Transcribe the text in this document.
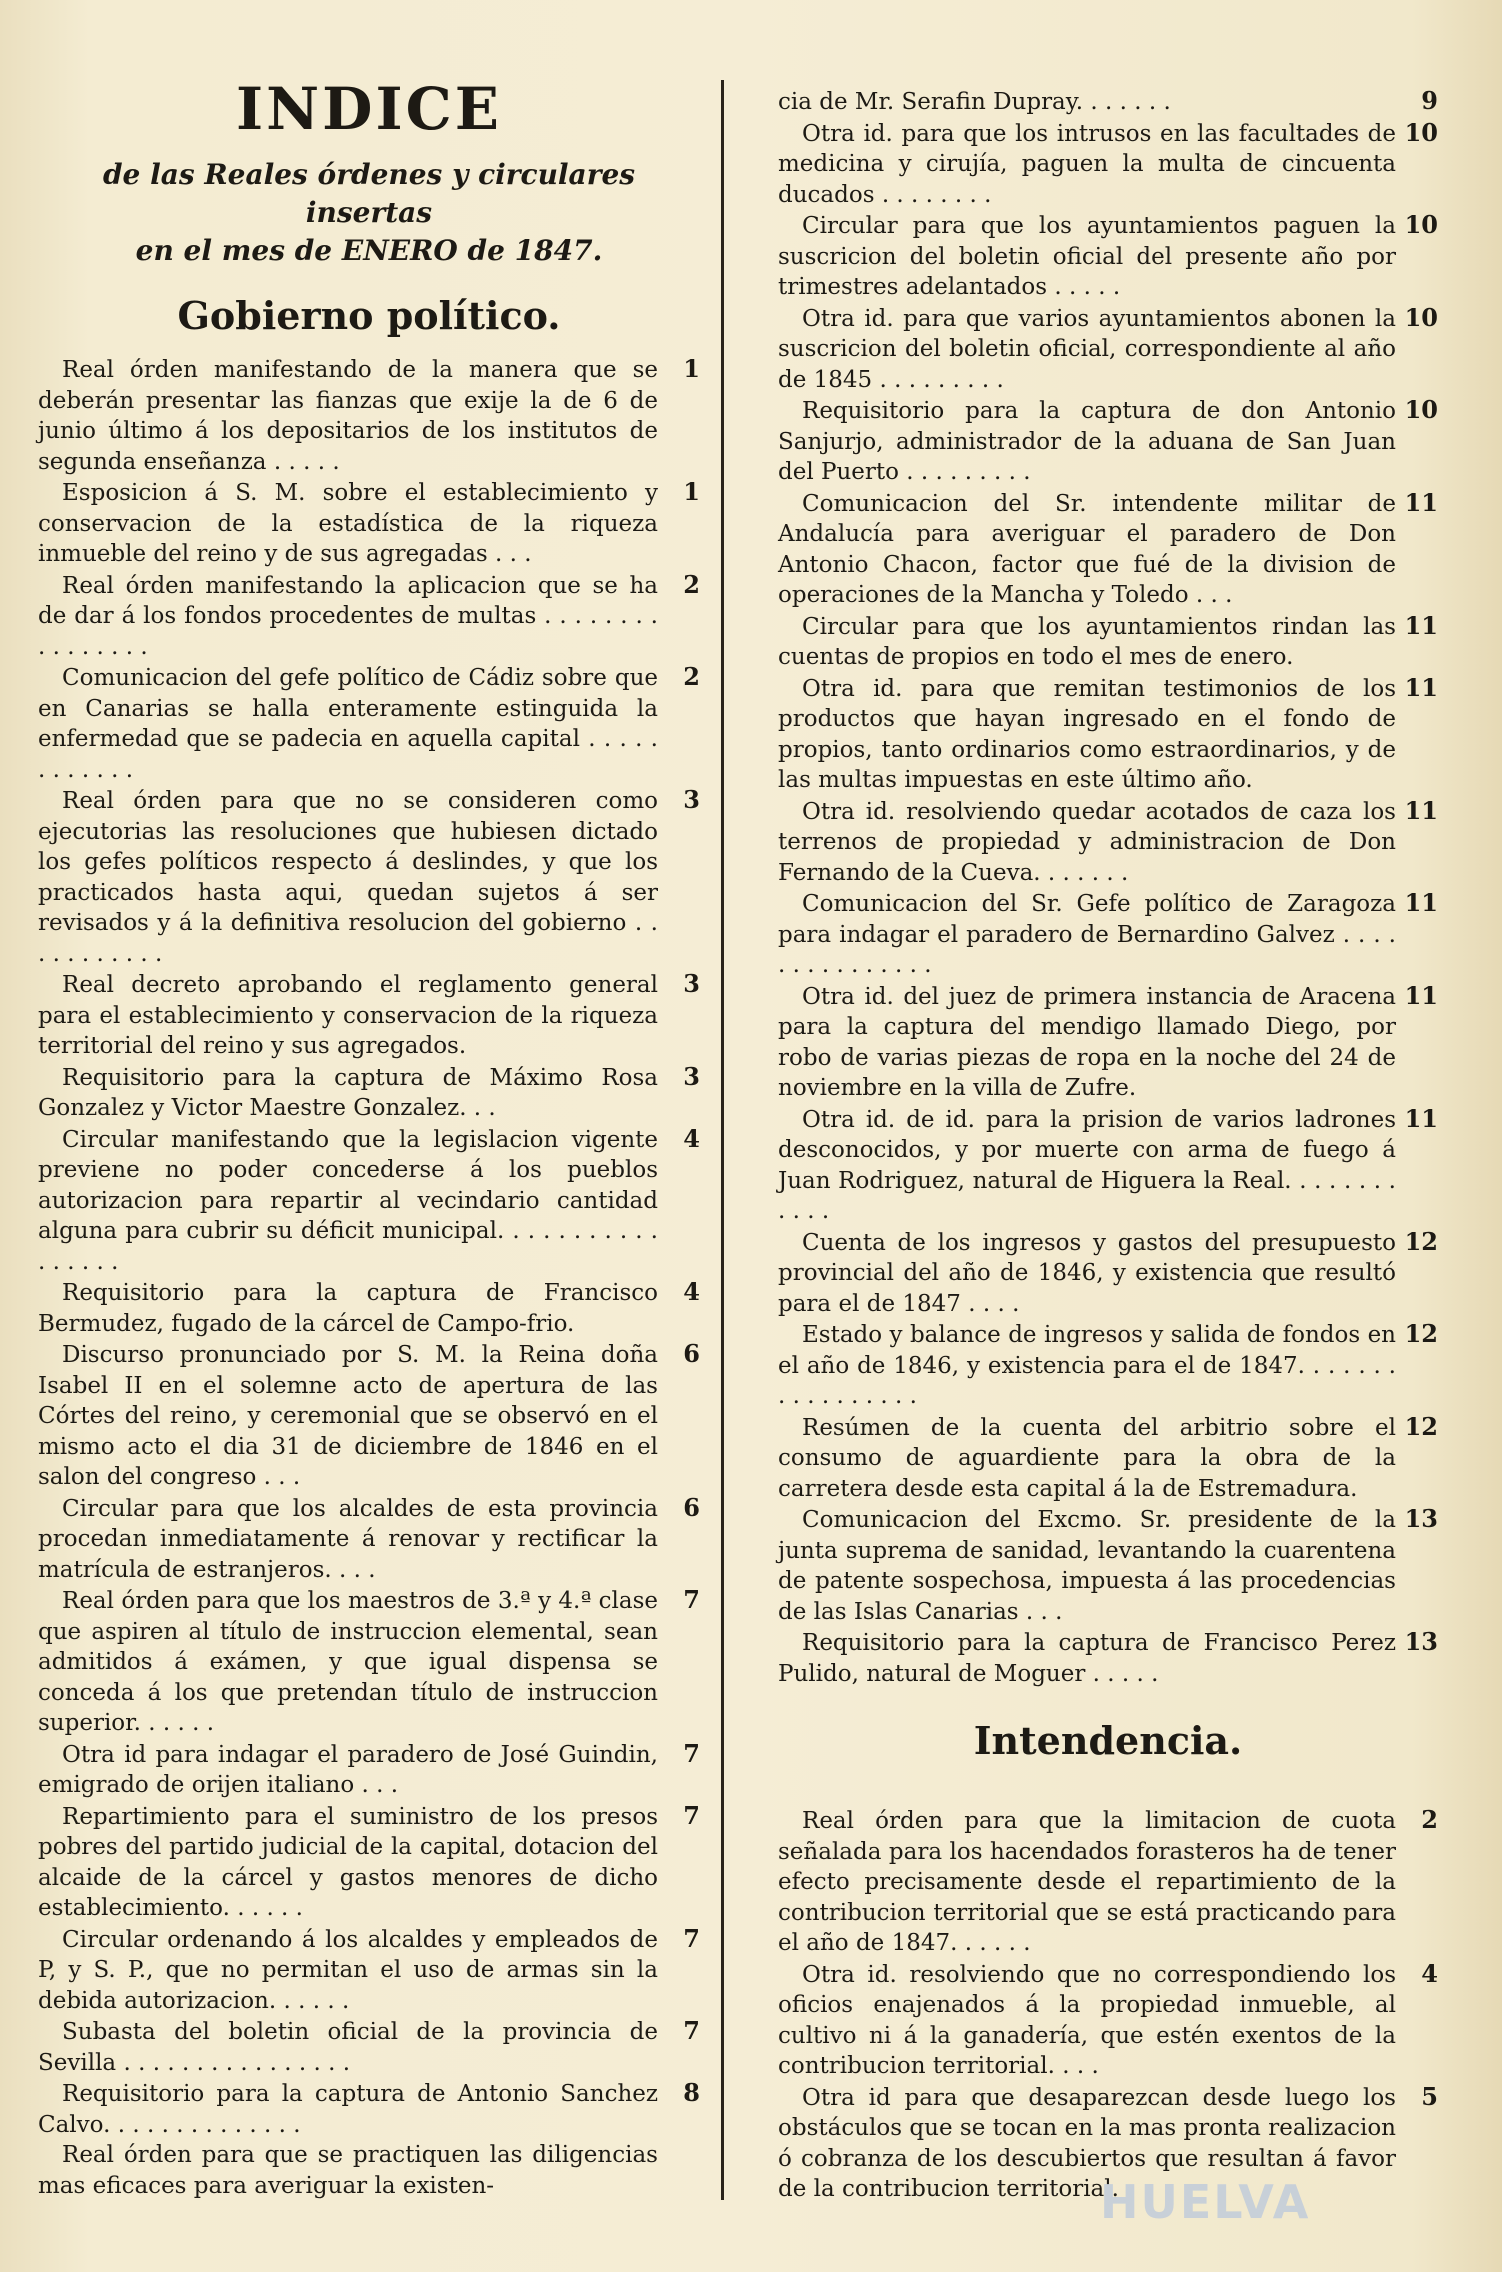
INDICE

de las Reales órdenes y circulares insertas

en el mes de ENERO de 1847.

Gobierno político.
Real órden manifestando de la manera que se deberán presentar las fianzas que exije la de 6 de junio último á los depositarios de los institutos de segunda enseñanza . . . . .
1
Esposicion á S. M. sobre el establecimiento y conservacion de la estadística de la riqueza inmueble del reino y de sus agregadas . . .
1
Real órden manifestando la aplicacion que se ha de dar á los fondos procedentes de multas . . . . . . . . . . . . . . . .
2
Comunicacion del gefe político de Cádiz sobre que en Canarias se halla enteramente estinguida la enfermedad que se padecia en aquella capital . . . . . . . . . . . .
2
Real órden para que no se consideren como ejecutorias las resoluciones que hubiesen dictado los gefes políticos respecto á deslindes, y que los practicados hasta aqui, quedan sujetos á ser revisados y á la definitiva resolucion del gobierno . . . . . . . . . . .
3
Real decreto aprobando el reglamento general para el establecimiento y conservacion de la riqueza territorial del reino y sus agregados.
3
Requisitorio para la captura de Máximo Rosa Gonzalez y Victor Maestre Gonzalez. . .
3
Circular manifestando que la legislacion vigente previene no poder concederse á los pueblos autorizacion para repartir al vecindario cantidad alguna para cubrir su déficit municipal. . . . . . . . . . . . . . . . .
4
Requisitorio para la captura de Francisco Bermudez, fugado de la cárcel de Campo-frio.
4
Discurso pronunciado por S. M. la Reina doña Isabel II en el solemne acto de apertura de las Córtes del reino, y ceremonial que se observó en el mismo acto el dia 31 de diciembre de 1846 en el salon del congreso . . .
6
Circular para que los alcaldes de esta provincia procedan inmediatamente á renovar y rectificar la matrícula de estranjeros. . . .
6
Real órden para que los maestros de 3.ª y 4.ª clase que aspiren al título de instruccion elemental, sean admitidos á exámen, y que igual dispensa se conceda á los que pretendan título de instruccion superior. . . . . .
7
Otra id para indagar el paradero de José Guindin, emigrado de orijen italiano . . .
7
Repartimiento para el suministro de los presos pobres del partido judicial de la capital, dotacion del alcaide de la cárcel y gastos menores de dicho establecimiento. . . . . .
7
Circular ordenando á los alcaldes y empleados de P, y S. P., que no permitan el uso de armas sin la debida autorizacion. . . . . .
7
Subasta del boletin oficial de la provincia de Sevilla . . . . . . . . . . . . . . . .
7
Requisitorio para la captura de Antonio Sanchez Calvo. . . . . . . . . . . . . .
8
Real órden para que se practiquen las diligencias mas eficaces para averiguar la existen-
cia de Mr. Serafin Dupray. . . . . . .	9
Otra id. para que los intrusos en las facultades de medicina y cirujía, paguen la multa de cincuenta ducados . . . . . . . .
10
Circular para que los ayuntamientos paguen la suscricion del boletin oficial del presente año por trimestres adelantados . . . . .
10
Otra id. para que varios ayuntamientos abonen la suscricion del boletin oficial, correspondiente al año de 1845 . . . . . . . . .
10
Requisitorio para la captura de don Antonio Sanjurjo, administrador de la aduana de San Juan del Puerto . . . . . . . . .
10
Comunicacion del Sr. intendente militar de Andalucía para averiguar el paradero de Don Antonio Chacon, factor que fué de la division de operaciones de la Mancha y Toledo . . .
11
Circular para que los ayuntamientos rindan las cuentas de propios en todo el mes de enero.
11
Otra id. para que remitan testimonios de los productos que hayan ingresado en el fondo de propios, tanto ordinarios como estraordinarios, y de las multas impuestas en este último año.
11
Otra id. resolviendo quedar acotados de caza los terrenos de propiedad y administracion de Don Fernando de la Cueva. . . . . . .
11
Comunicacion del Sr. Gefe político de Zaragoza para indagar el paradero de Bernardino Galvez . . . . . . . . . . . . . . .
11
Otra id. del juez de primera instancia de Aracena para la captura del mendigo llamado Diego, por robo de varias piezas de ropa en la noche del 24 de noviembre en la villa de Zufre.
11
Otra id. de id. para la prision de varios ladrones desconocidos, y por muerte con arma de fuego á Juan Rodriguez, natural de Higuera la Real. . . . . . . . . . . .
11
Cuenta de los ingresos y gastos del presupuesto provincial del año de 1846, y existencia que resultó para el de 1847 . . . .
12
Estado y balance de ingresos y salida de fondos en el año de 1846, y existencia para el de 1847. . . . . . . . . . . . . . . . .
12
Resúmen de la cuenta del arbitrio sobre el consumo de aguardiente para la obra de la carretera desde esta capital á la de Estremadura.
12
Comunicacion del Excmo. Sr. presidente de la junta suprema de sanidad, levantando la cuarentena de patente sospechosa, impuesta á las procedencias de las Islas Canarias . . .
13
Requisitorio para la captura de Francisco Perez Pulido, natural de Moguer . . . . .
13
Intendencia.
Real órden para que la limitacion de cuota señalada para los hacendados forasteros ha de tener efecto precisamente desde el repartimiento de la contribucion territorial que se está practicando para el año de 1847. . . . . .
2
Otra id. resolviendo que no correspondiendo los oficios enajenados á la propiedad inmueble, al cultivo ni á la ganadería, que estén exentos de la contribucion territorial. . . .
4
Otra id para que desaparezcan desde luego los obstáculos que se tocan en la mas pronta realizacion ó cobranza de los descubiertos que resultan á favor de la contribucion territorial.
5
HUELVA
